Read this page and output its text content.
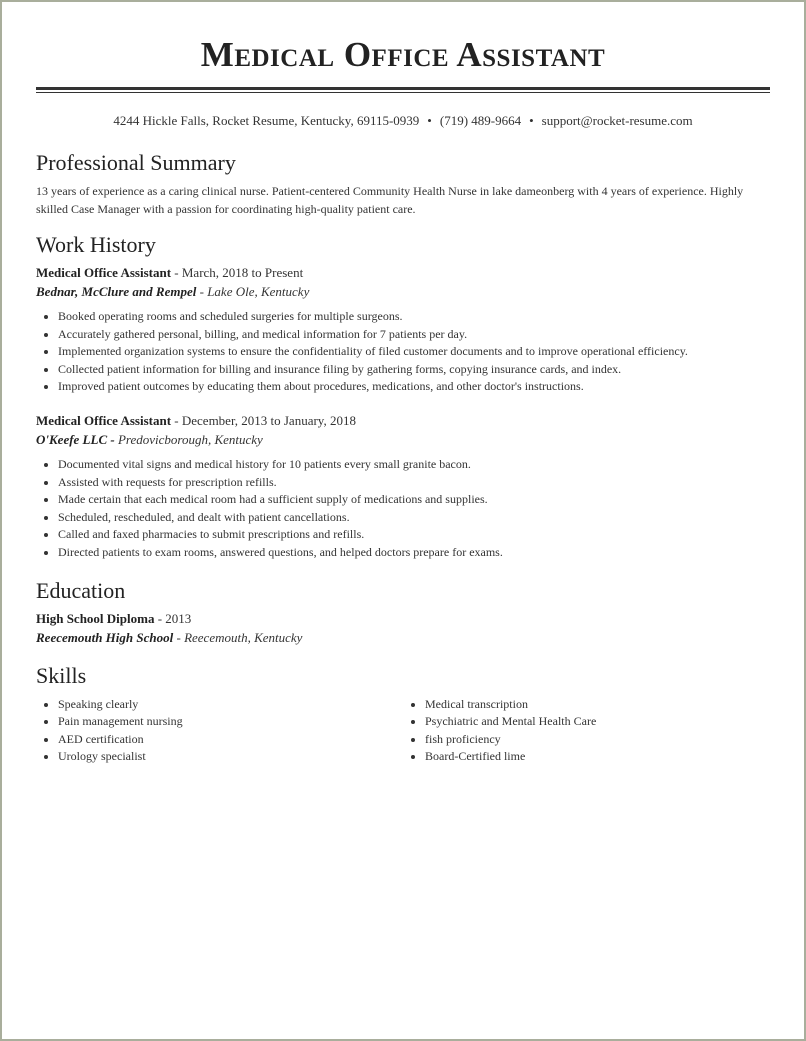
Medical Office Assistant
4244 Hickle Falls, Rocket Resume, Kentucky, 69115-0939 • (719) 489-9664 • support@rocket-resume.com
Professional Summary

13 years of experience as a caring clinical nurse. Patient-centered Community Health Nurse in lake dameonberg with 4 years of experience. Highly skilled Case Manager with a passion for coordinating high-quality patient care.

Work History
Medical Office Assistant - March, 2018 to Present
Bednar, McClure and Rempel - Lake Ole, Kentucky
• Booked operating rooms and scheduled surgeries for multiple surgeons.
• Accurately gathered personal, billing, and medical information for 7 patients per day.
• Implemented organization systems to ensure the confidentiality of filed customer documents and to improve operational efficiency.
• Collected patient information for billing and insurance filing by gathering forms, copying insurance cards, and index.
• Improved patient outcomes by educating them about procedures, medications, and other doctor's instructions.
Medical Office Assistant - December, 2013 to January, 2018
O'Keefe LLC - Predovicborough, Kentucky
• Documented vital signs and medical history for 10 patients every small granite bacon.
• Assisted with requests for prescription refills.
• Made certain that each medical room had a sufficient supply of medications and supplies.
• Scheduled, rescheduled, and dealt with patient cancellations.
• Called and faxed pharmacies to submit prescriptions and refills.
• Directed patients to exam rooms, answered questions, and helped doctors prepare for exams.
Education
High School Diploma - 2013
Reecemouth High School - Reecemouth, Kentucky
Skills
• Speaking clearly
• Pain management nursing
• AED certification
• Urology specialist
• Medical transcription
• Psychiatric and Mental Health Care
• fish proficiency
• Board-Certified lime
